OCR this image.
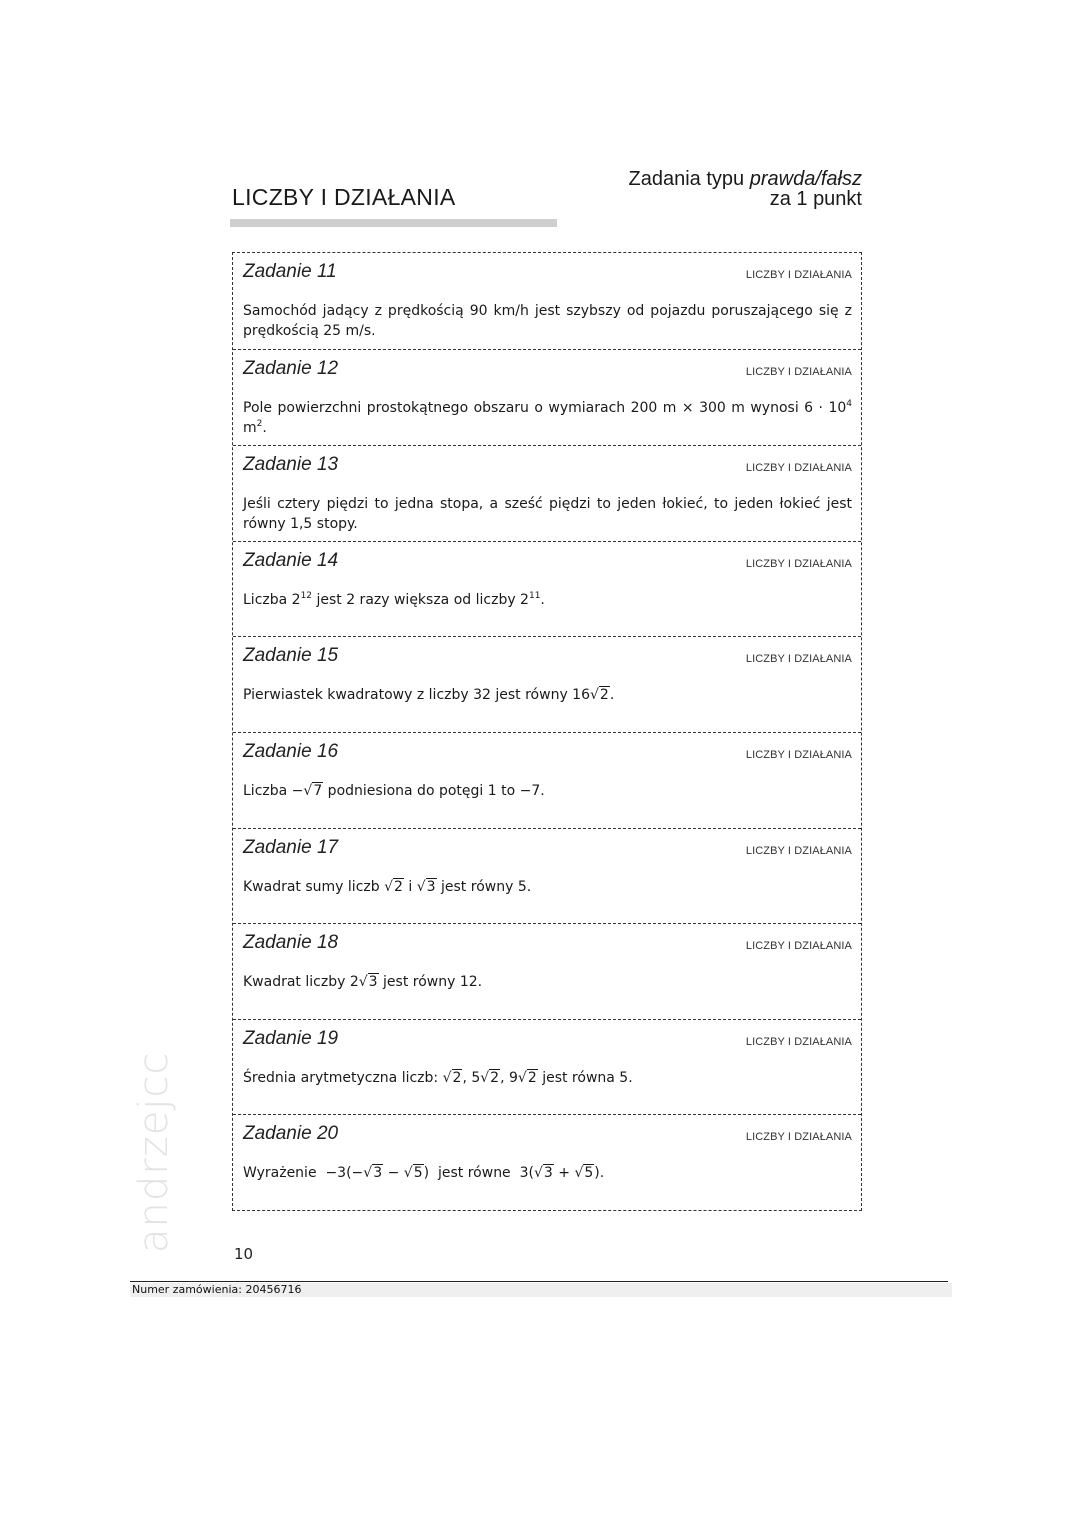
LICZBY I DZIAŁANIA
Zadania typu prawda/fałsz
za 1 punkt
Zadanie 11	LICZBY I DZIAŁANIA
Samochód jadący z prędkością 90 km/h jest szybszy od pojazdu poruszającego się z prędkością 25 m/s.
Zadanie 12	LICZBY I DZIAŁANIA
Pole powierzchni prostokątnego obszaru o wymiarach 200 m × 300 m wynosi $6 \cdot 10^4$ $m^2$.
Zadanie 13	LICZBY I DZIAŁANIA
Jeśli cztery piędzi to jedna stopa, a sześć piędzi to jeden łokieć, to jeden łokieć jest równy 1,5 stopy.
Zadanie 14	LICZBY I DZIAŁANIA
Liczba $2^{12}$ jest 2 razy większa od liczby $2^{11}$.
Zadanie 15	LICZBY I DZIAŁANIA
Pierwiastek kwadratowy z liczby 32 jest równy 16√2.
Zadanie 16	LICZBY I DZIAŁANIA
Liczba −√7 podniesiona do potęgi 1 to −7.
Zadanie 17	LICZBY I DZIAŁANIA
Kwadrat sumy liczb √2 i √3 jest równy 5.
Zadanie 18	LICZBY I DZIAŁANIA
Kwadrat liczby 2√3 jest równy 12.
Zadanie 19	LICZBY I DZIAŁANIA
Średnia arytmetyczna liczb: √2, 5√2, 9√2 jest równa 5.
Zadanie 20	LICZBY I DZIAŁANIA
Wyrażenie  −3(−√3 − √5)  jest równe  3(√3 + √5).
andrzejcc
10
Numer zamówienia: 20456716
